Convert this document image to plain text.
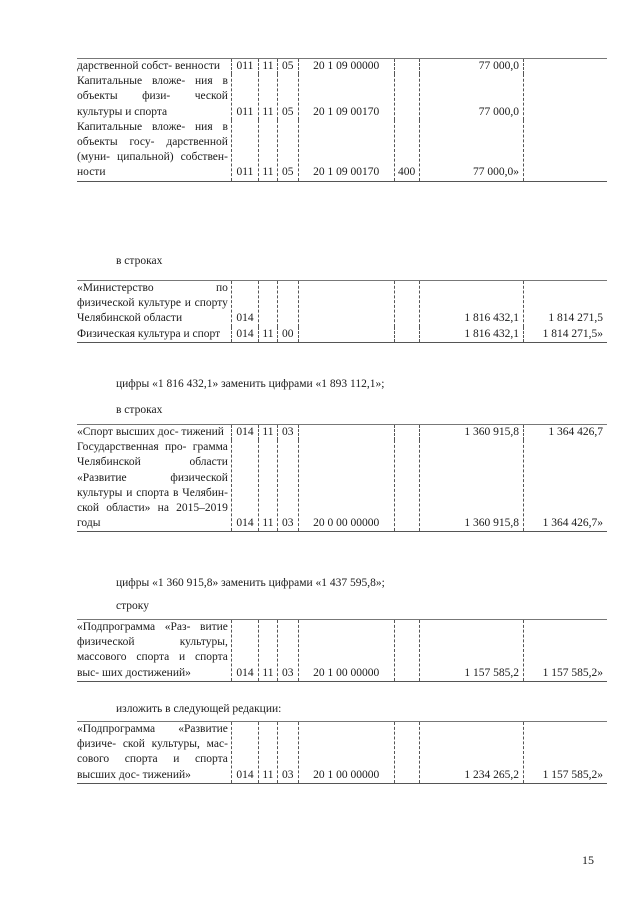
дарственной собст- венности	011	11	05	20 1 09 00000		77 000,0	
Капитальные вложе- ния в объекты физи- ческой культуры и спорта	011	11	05	20 1 09 00170		77 000,0	
Капитальные вложе- ния в объекты госу- дарственной (муни- ципальной) собствен- ности	011	11	05	20 1 09 00170	400	77 000,0»	
в строках
«Министерство по физической культуре и спорту Челябинской области	014					1 816 432,1	1 814 271,5
Физическая культура и спорт	014	11	00			1 816 432,1	1 814 271,5»
цифры «1 816 432,1» заменить цифрами «1 893 112,1»;
в строках
«Спорт высших дос- тижений	014	11	03			1 360 915,8	1 364 426,7
Государственная про- грамма Челябинской области «Развитие физической культуры и спорта в Челябин- ской области» на 2015–2019 годы	014	11	03	20 0 00 00000		1 360 915,8	1 364 426,7»
цифры «1 360 915,8» заменить цифрами «1 437 595,8»;
строку
«Подпрограмма «Раз- витие физической культуры, массового спорта и спорта выс- ших достижений»	014	11	03	20 1 00 00000		1 157 585,2	1 157 585,2»
изложить в следующей редакции:
«Подпрограмма «Развитие физиче- ской культуры, мас- сового спорта и спорта высших дос- тижений»	014	11	03	20 1 00 00000		1 234 265,2	1 157 585,2»
15
